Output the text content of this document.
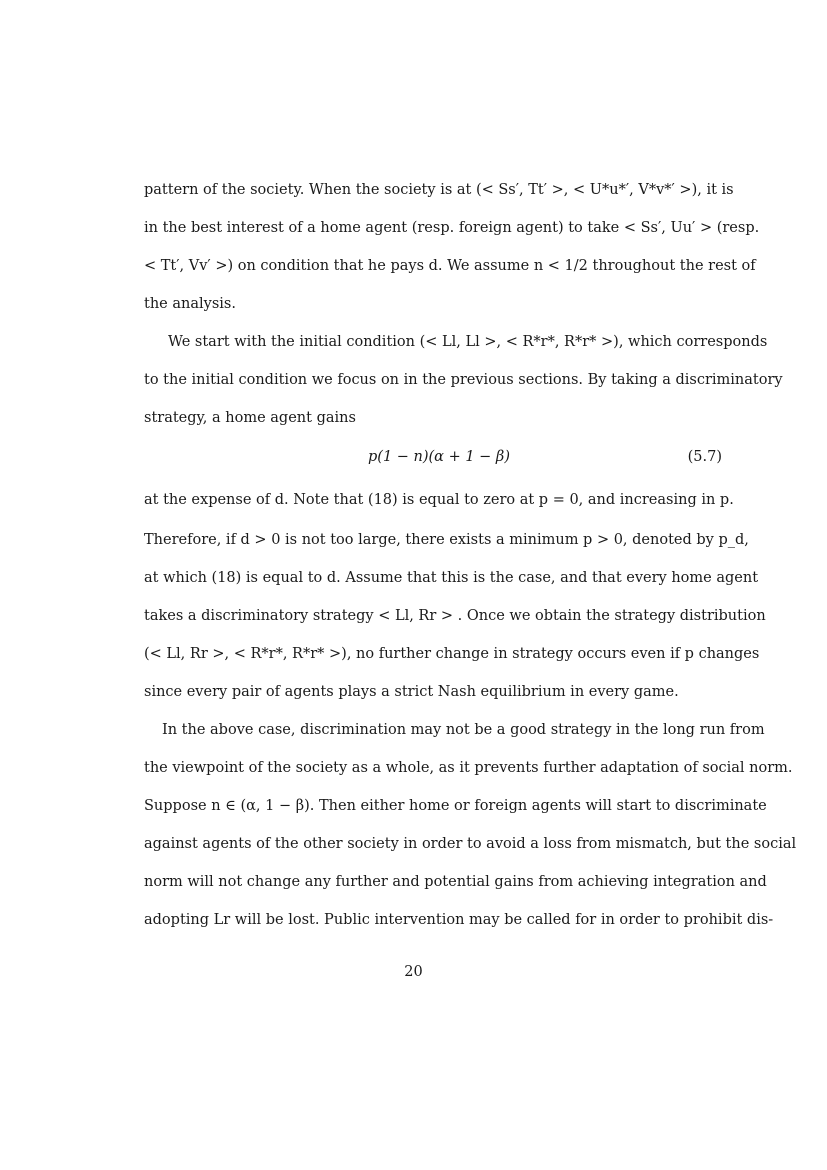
pattern of the society. When the society is at (< Ss′, Tt′ >, < U*u*′, V*v*′ >), it is
in the best interest of a home agent (resp. foreign agent) to take < Ss′, Uu′ > (resp.
< Tt′, Vv′ >) on condition that he pays d. We assume n < 1/2 throughout the rest of
the analysis.
We start with the initial condition (< Ll, Ll >, < R*r*, R*r* >), which corresponds
to the initial condition we focus on in the previous sections. By taking a discriminatory
strategy, a home agent gains
p(1 − n)(α + 1 − β)	(5.7)
at the expense of d. Note that (18) is equal to zero at p = 0, and increasing in p.
Therefore, if d > 0 is not too large, there exists a minimum p > 0, denoted by p_d,
at which (18) is equal to d. Assume that this is the case, and that every home agent
takes a discriminatory strategy < Ll, Rr > . Once we obtain the strategy distribution
(< Ll, Rr >, < R*r*, R*r* >), no further change in strategy occurs even if p changes
since every pair of agents plays a strict Nash equilibrium in every game.
In the above case, discrimination may not be a good strategy in the long run from
the viewpoint of the society as a whole, as it prevents further adaptation of social norm.
Suppose n ∈ (α, 1 − β). Then either home or foreign agents will start to discriminate
against agents of the other society in order to avoid a loss from mismatch, but the social
norm will not change any further and potential gains from achieving integration and
adopting Lr will be lost. Public intervention may be called for in order to prohibit dis-
20
